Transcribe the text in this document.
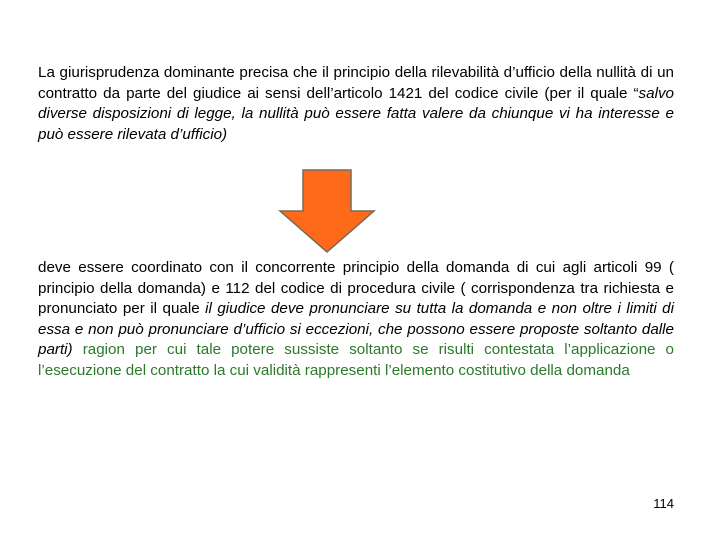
La giurisprudenza dominante precisa che il principio della rilevabilità d’ufficio della nullità di un contratto da parte del giudice ai sensi dell’articolo 1421 del codice civile (per il quale “salvo diverse disposizioni di legge, la nullità può essere fatta valere da chiunque vi ha interesse e può essere rilevata d’ufficio)
deve essere coordinato con il concorrente principio della domanda di cui agli articoli 99 ( principio della domanda) e 112 del codice di procedura civile ( corrispondenza tra richiesta e pronunciato per il quale il giudice deve pronunciare su tutta la domanda e non oltre i limiti di essa e non può pronunciare d’ufficio si eccezioni, che possono essere proposte soltanto dalle parti) ragion per cui tale potere sussiste soltanto se risulti contestata l’applicazione o l’esecuzione del contratto la cui validità rappresenti l’elemento costitutivo della domanda
114
